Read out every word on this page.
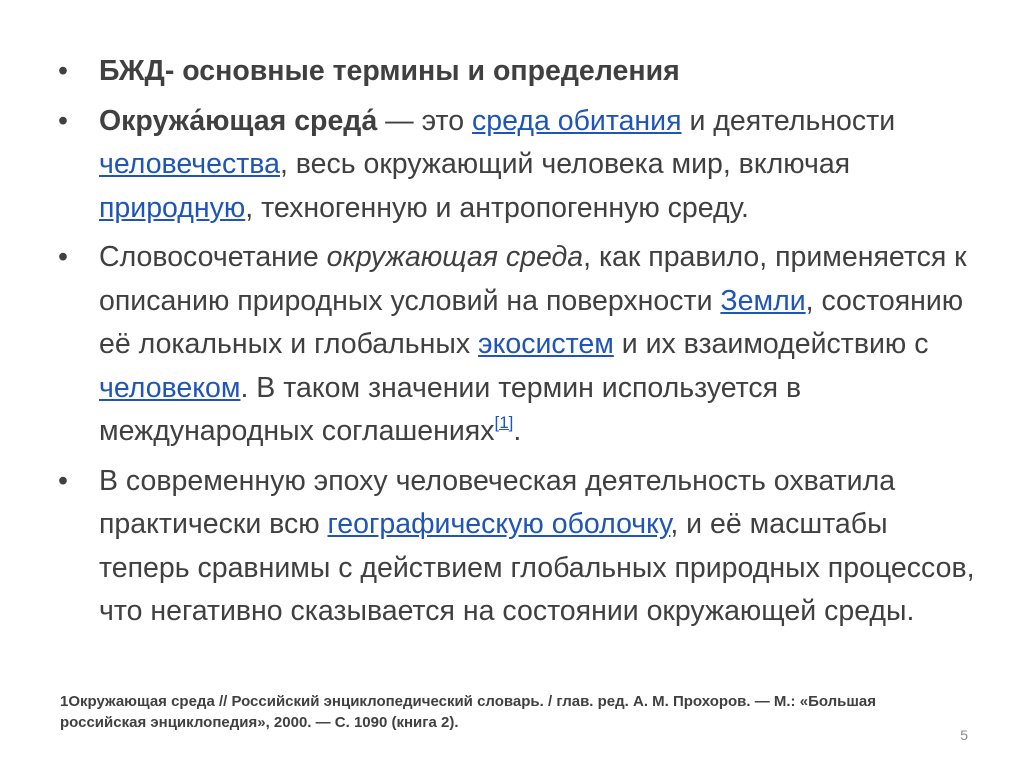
•	БЖД- основные термины и определения
•	Окружа́ющая среда́ — это среда обитания и деятельности человечества, весь окружающий человека мир, включая природную, техногенную и антропогенную среду.
•	Словосочетание окружающая среда, как правило, применяется к описанию природных условий на поверхности Земли, состоянию её локальных и глобальных экосистем и их взаимодействию с человеком. В таком значении термин используется в международных соглашениях[1].
•	В современную эпоху человеческая деятельность охватила практически всю географическую оболочку, и её масштабы теперь сравнимы с действием глобальных природных процессов, что негативно сказывается на состоянии окружающей среды.
1Окружающая среда // Российский энциклопедический словарь. / глав. ред. А. М. Прохоров. — М.: «Большая
российская энциклопедия», 2000. — С. 1090 (книга 2).
5
